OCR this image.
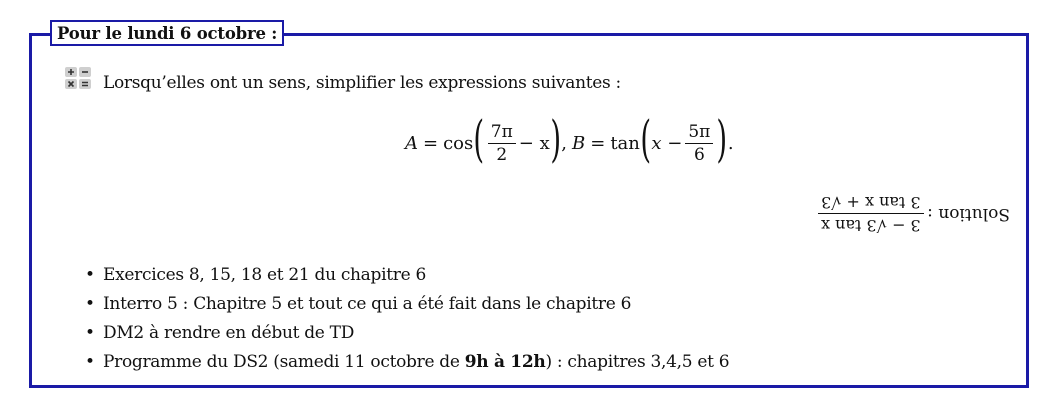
Pour le lundi 6 octobre :
Lorsqu’elles ont un sens, simplifier les expressions suivantes :
A = cos ( $\frac{7\pi}{2} - x$ ) , B = tan ( $x - \frac{5\pi}{6}$ ) .
Solution :
3 − √3 tan x
3 tan x + √3
• Exercices 8, 15, 18 et 21 du chapitre 6
• Interro 5 : Chapitre 5 et tout ce qui a été fait dans le chapitre 6
• DM2 à rendre en début de TD
• Programme du DS2 (samedi 11 octobre de 9h à 12h) : chapitres 3,4,5 et 6
